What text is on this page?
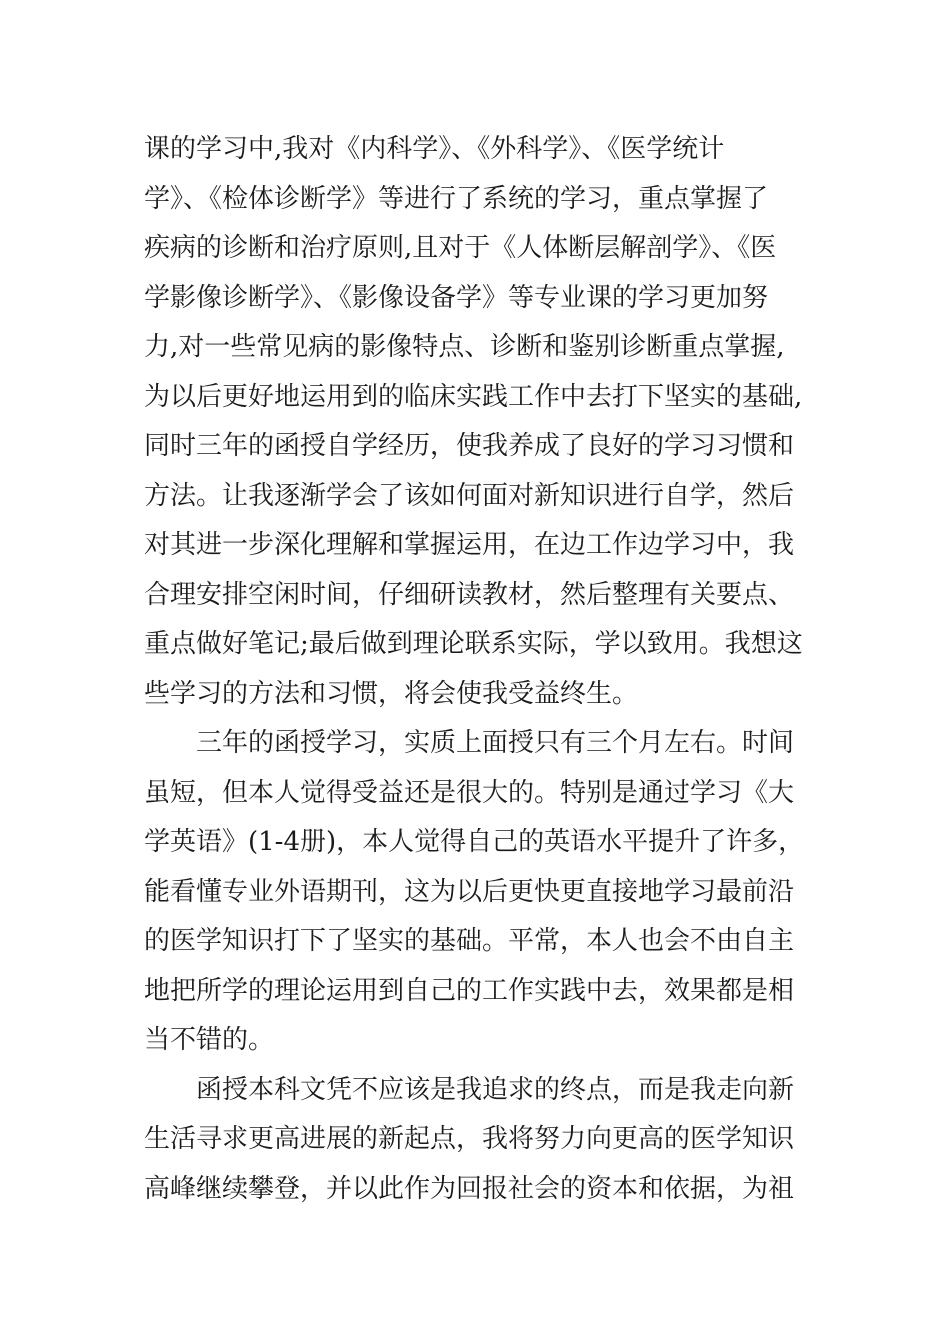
课的学习中,我对《内科学》、《外科学》、《医学统计
学》、《检体诊断学》等进行了系统的学习，重点掌握了
疾病的诊断和治疗原则,且对于《人体断层解剖学》、《医
学影像诊断学》、《影像设备学》等专业课的学习更加努
力,对一些常见病的影像特点、诊断和鉴别诊断重点掌握,
为以后更好地运用到的临床实践工作中去打下坚实的基础,
同时三年的函授自学经历，使我养成了良好的学习习惯和
方法。让我逐渐学会了该如何面对新知识进行自学，然后
对其进一步深化理解和掌握运用，在边工作边学习中，我
合理安排空闲时间，仔细研读教材，然后整理有关要点、
重点做好笔记;最后做到理论联系实际，学以致用。我想这
些学习的方法和习惯，将会使我受益终生。
　　三年的函授学习，实质上面授只有三个月左右。时间
虽短，但本人觉得受益还是很大的。特别是通过学习《大
学英语》(1-4册)，本人觉得自己的英语水平提升了许多，
能看懂专业外语期刊，这为以后更快更直接地学习最前沿
的医学知识打下了坚实的基础。平常，本人也会不由自主
地把所学的理论运用到自己的工作实践中去，效果都是相
当不错的。
　　函授本科文凭不应该是我追求的终点，而是我走向新
生活寻求更高进展的新起点，我将努力向更高的医学知识
高峰继续攀登，并以此作为回报社会的资本和依据，为祖
